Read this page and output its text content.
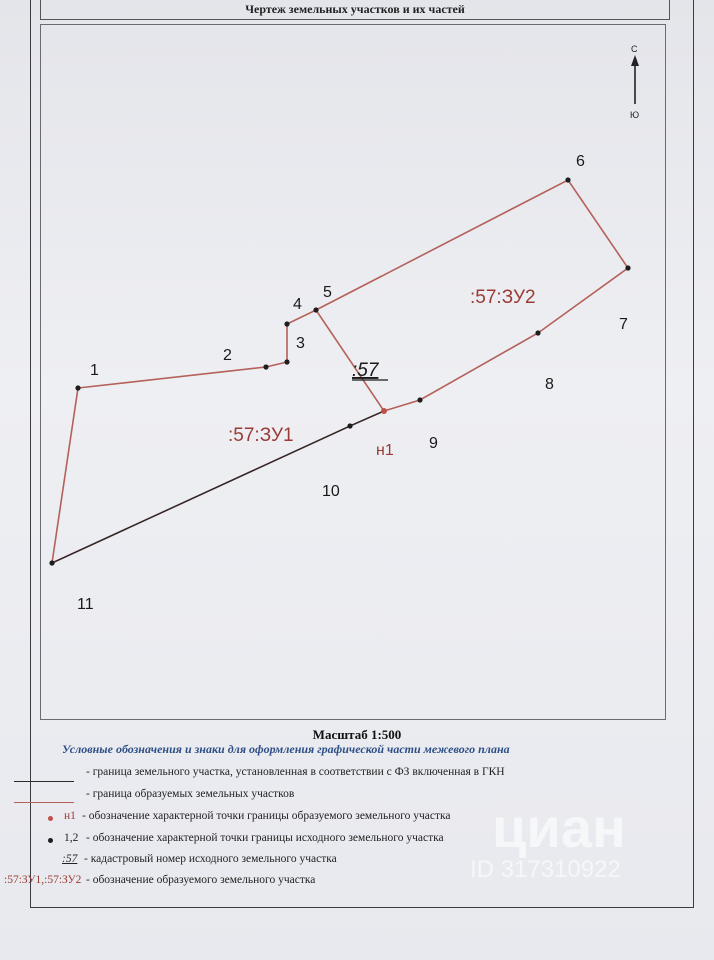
Чертеж земельных участков и их частей
С
Ю
1
2
3
4
5
6
7
8
9
10
11
н1
:57
:57:ЗУ1
:57:ЗУ2
Масштаб 1:500
Условные обозначения и знаки для оформления графической части межевого плана
- граница земельного участка, установленная в соответствии с ФЗ включенная в ГКН
- граница образуемых земельных участков
н1 - обозначение характерной точки границы образуемого земельного участка
1,2 - обозначение характерной точки границы исходного земельного участка
:57 - кадастровый номер исходного земельного участка
:57:ЗУ1,:57:ЗУ2 - обозначение образуемого земельного участка
циан
ID 317310922
